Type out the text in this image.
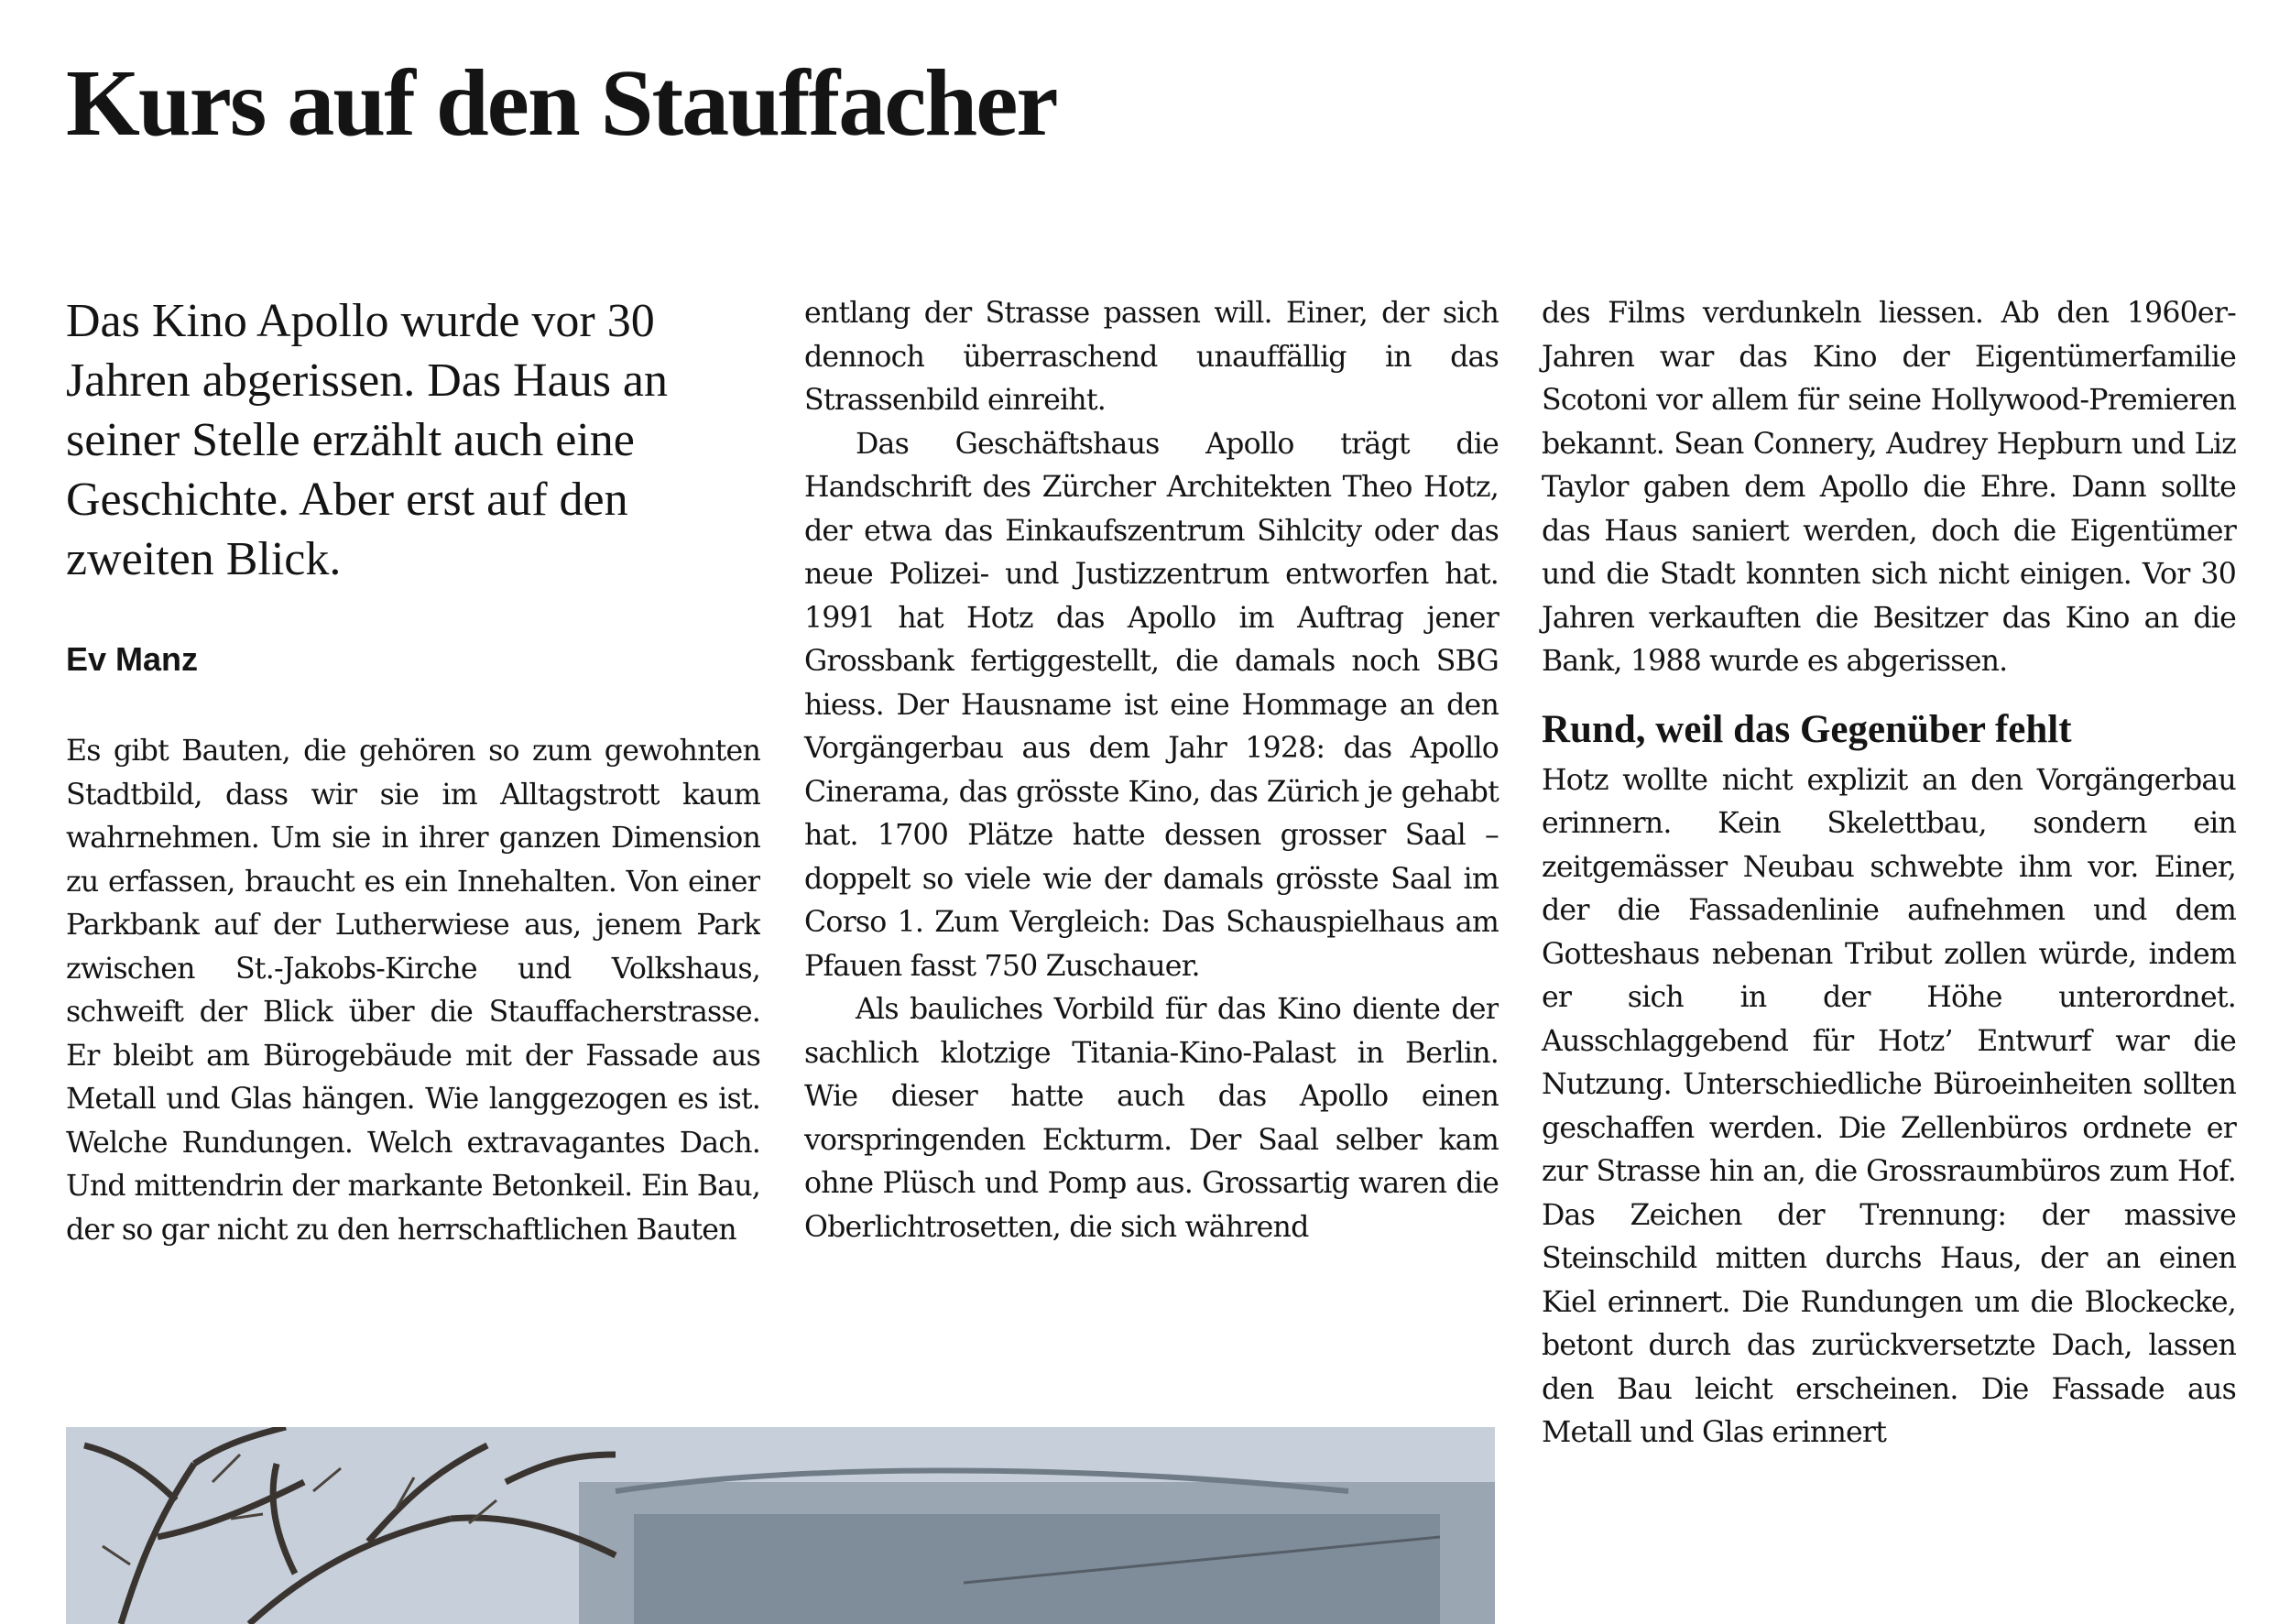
Kurs auf den Stauffacher

Das Kino Apollo wurde vor 30 Jahren abgerissen. Das Haus an seiner Stelle erzählt auch eine Geschichte. Aber erst auf den zweiten Blick.

Ev Manz

Es gibt Bauten, die gehören so zum gewohnten Stadtbild, dass wir sie im Alltagstrott kaum wahrnehmen. Um sie in ihrer ganzen Dimension zu erfassen, braucht es ein Innehalten. Von einer Parkbank auf der Lutherwiese aus, jenem Park zwischen St.-Jakobs-Kirche und Volkshaus, schweift der Blick über die Stauffacherstrasse. Er bleibt am Bürogebäude mit der Fassade aus Metall und Glas hängen. Wie langgezogen es ist. Welche Rundungen. Welch extravagantes Dach. Und mittendrin der markante Betonkeil. Ein Bau, der so gar nicht zu den herrschaftlichen Bauten

entlang der Strasse passen will. Einer, der sich dennoch überraschend unauffällig in das Strassenbild einreiht.

Das Geschäftshaus Apollo trägt die Handschrift des Zürcher Architekten Theo Hotz, der etwa das Einkaufszentrum Sihlcity oder das neue Polizei- und Justizzentrum entworfen hat. 1991 hat Hotz das Apollo im Auftrag jener Grossbank fertiggestellt, die damals noch SBG hiess. Der Hausname ist eine Hommage an den Vorgängerbau aus dem Jahr 1928: das Apollo Cinerama, das grösste Kino, das Zürich je gehabt hat. 1700 Plätze hatte dessen grosser Saal – doppelt so viele wie der damals grösste Saal im Corso 1. Zum Vergleich: Das Schauspielhaus am Pfauen fasst 750 Zuschauer.

Als bauliches Vorbild für das Kino diente der sachlich klotzige Titania-Kino-Palast in Berlin. Wie dieser hatte auch das Apollo einen vorspringenden Eckturm. Der Saal selber kam ohne Plüsch und Pomp aus. Grossartig waren die Oberlichtrosetten, die sich während

des Films verdunkeln liessen. Ab den 1960er-Jahren war das Kino der Eigentümerfamilie Scotoni vor allem für seine Hollywood-Premieren bekannt. Sean Connery, Audrey Hepburn und Liz Taylor gaben dem Apollo die Ehre. Dann sollte das Haus saniert werden, doch die Eigentümer und die Stadt konnten sich nicht einigen. Vor 30 Jahren verkauften die Besitzer das Kino an die Bank, 1988 wurde es abgerissen.

Rund, weil das Gegenüber fehlt

Hotz wollte nicht explizit an den Vorgängerbau erinnern. Kein Skelettbau, sondern ein zeitgemässer Neubau schwebte ihm vor. Einer, der die Fassadenlinie aufnehmen und dem Gotteshaus nebenan Tribut zollen würde, indem er sich in der Höhe unterordnet. Ausschlaggebend für Hotz’ Entwurf war die Nutzung. Unterschiedliche Büroeinheiten sollten geschaffen werden. Die Zellenbüros ordnete er zur Strasse hin an, die Grossraumbüros zum Hof. Das Zeichen der Trennung: der massive Steinschild mitten durchs Haus, der an einen Kiel erinnert. Die Rundungen um die Blockecke, betont durch das zurückversetzte Dach, lassen den Bau leicht erscheinen. Die Fassade aus Metall und Glas erinnert
